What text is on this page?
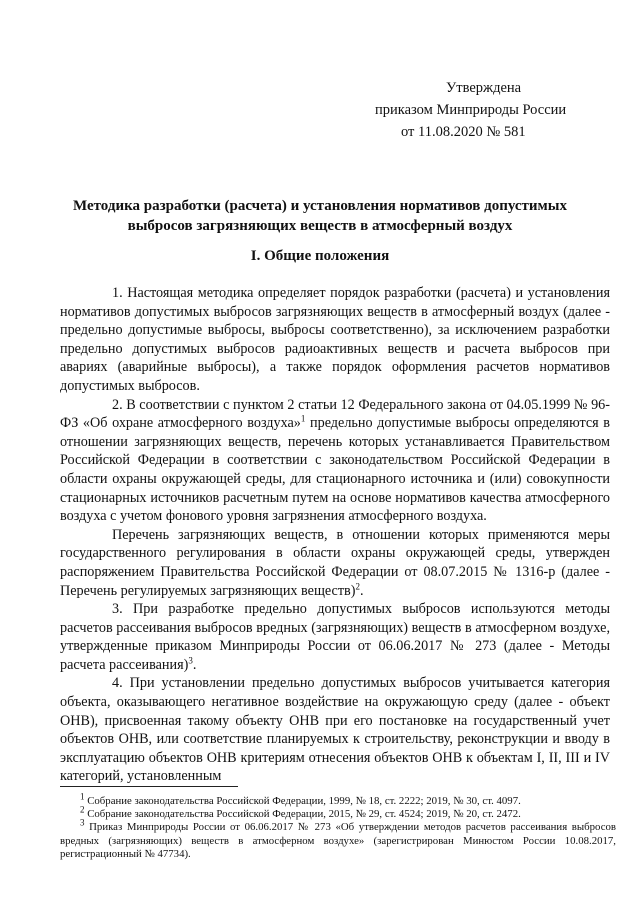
Утверждена
приказом Минприроды России
от 11.08.2020 № 581
Методика разработки (расчета) и установления нормативов допустимых
выбросов загрязняющих веществ в атмосферный воздух
I. Общие положения

1. Настоящая методика определяет порядок разработки (расчета) и установления нормативов допустимых выбросов загрязняющих веществ в атмосферный воздух (далее - предельно допустимые выбросы, выбросы соответственно), за исключением разработки предельно допустимых выбросов радиоактивных веществ и расчета выбросов при авариях (аварийные выбросы), а также порядок оформления расчетов нормативов допустимых выбросов.

2. В соответствии с пунктом 2 статьи 12 Федерального закона от 04.05.1999 № 96-ФЗ «Об охране атмосферного воздуха»$^1$ предельно допустимые выбросы определяются в отношении загрязняющих веществ, перечень которых устанавливается Правительством Российской Федерации в соответствии с законодательством Российской Федерации в области охраны окружающей среды, для стационарного источника и (или) совокупности стационарных источников расчетным путем на основе нормативов качества атмосферного воздуха с учетом фонового уровня загрязнения атмосферного воздуха.

Перечень загрязняющих веществ, в отношении которых применяются меры государственного регулирования в области охраны окружающей среды, утвержден распоряжением Правительства Российской Федерации от 08.07.2015 № 1316-р (далее - Перечень регулируемых загрязняющих веществ)$^2$.

3. При разработке предельно допустимых выбросов используются методы расчетов рассеивания выбросов вредных (загрязняющих) веществ в атмосферном воздухе, утвержденные приказом Минприроды России от 06.06.2017 № 273 (далее - Методы расчета рассеивания)$^3$.

4. При установлении предельно допустимых выбросов учитывается категория объекта, оказывающего негативное воздействие на окружающую среду (далее - объект ОНВ), присвоенная такому объекту ОНВ при его постановке на государственный учет объектов ОНВ, или соответствие планируемых к строительству, реконструкции и вводу в эксплуатацию объектов ОНВ критериям отнесения объектов ОНВ к объектам I, II, III и IV категорий, установленным

$^1$ Собрание законодательства Российской Федерации, 1999, № 18, ст. 2222; 2019, № 30, ст. 4097.

$^2$ Собрание законодательства Российской Федерации, 2015, № 29, ст. 4524; 2019, № 20, ст. 2472.

$^3$ Приказ Минприроды России от 06.06.2017 № 273 «Об утверждении методов расчетов рассеивания выбросов вредных (загрязняющих) веществ в атмосферном воздухе» (зарегистрирован Минюстом России 10.08.2017, регистрационный № 47734).
